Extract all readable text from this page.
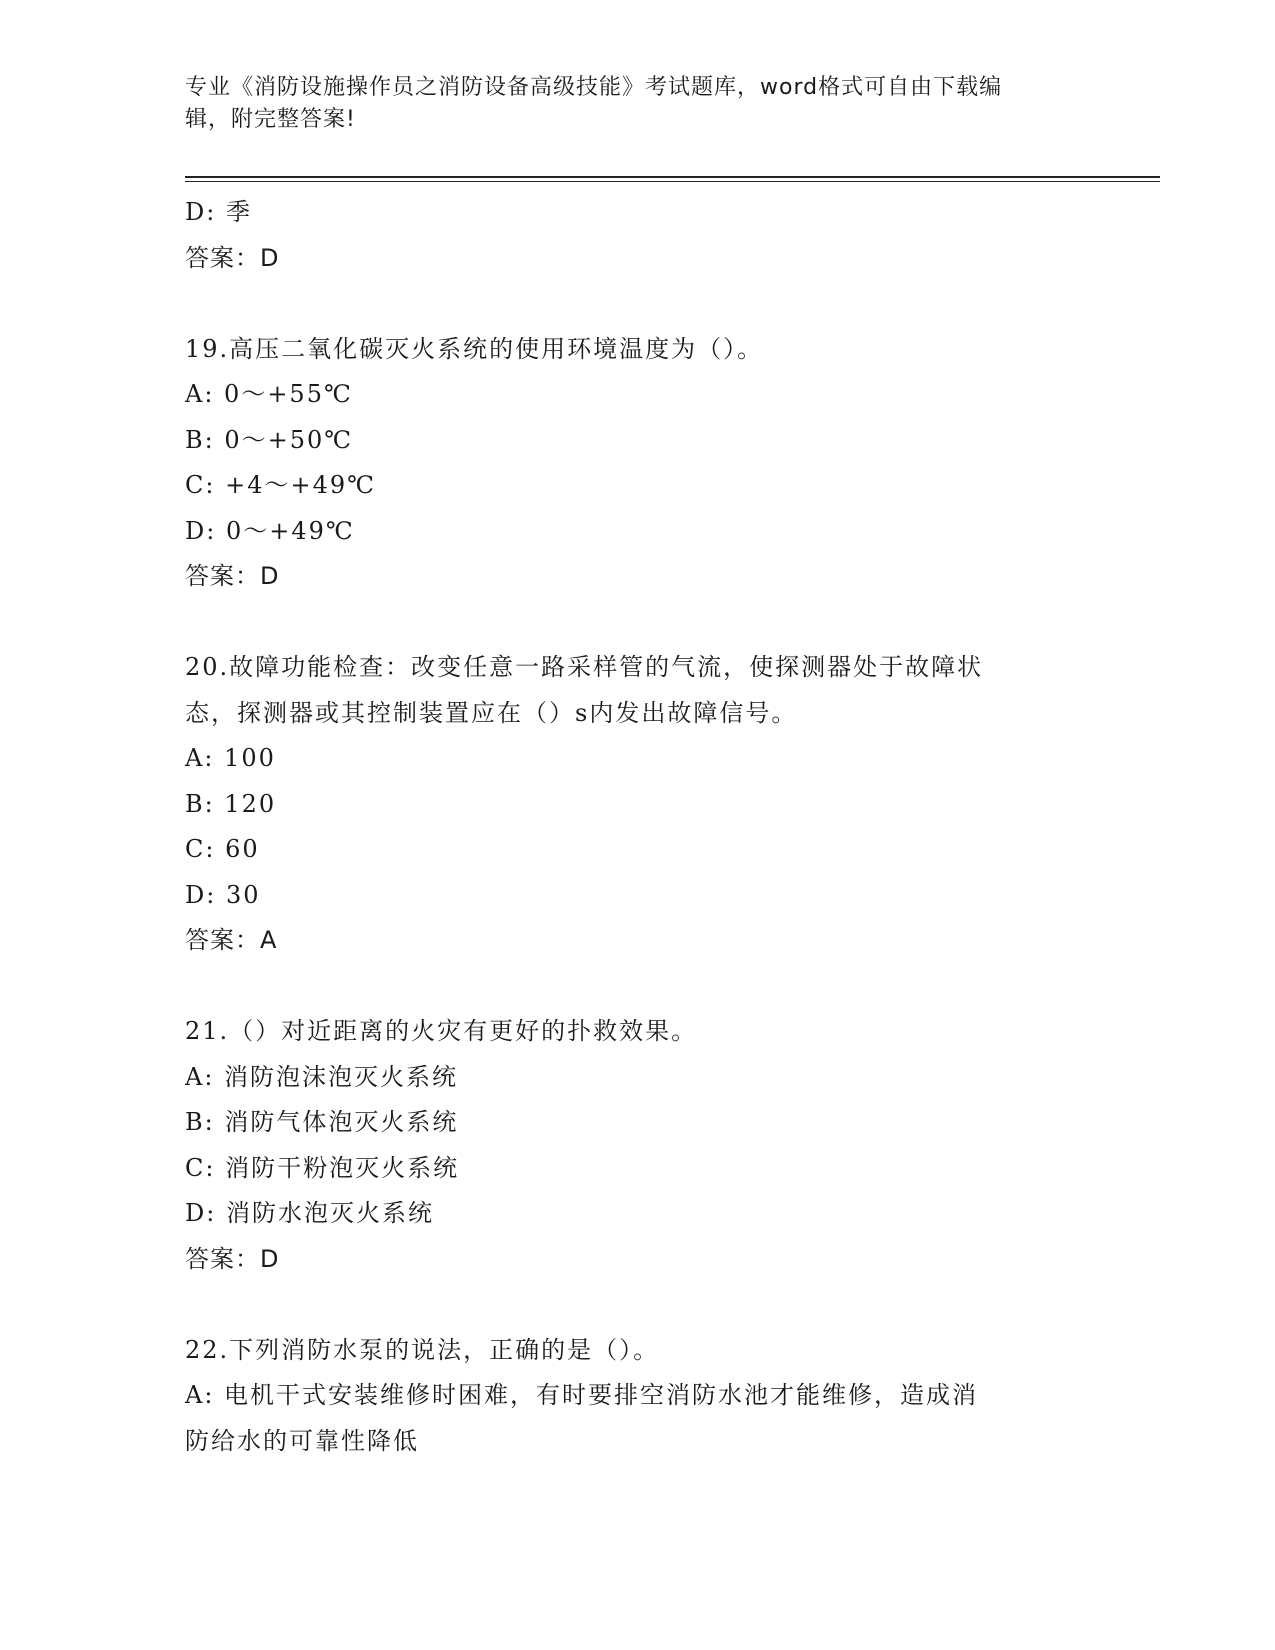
专业《消防设施操作员之消防设备高级技能》考试题库，word格式可自由下载编
辑，附完整答案!
D: 季
答案：D
19.高压二氧化碳灭火系统的使用环境温度为（）。
A: 0～+55℃
B: 0～+50℃
C: +4～+49℃
D: 0～+49℃
答案：D
20.故障功能检查：改变任意一路采样管的气流，使探测器处于故障状
态，探测器或其控制装置应在（）s内发出故障信号。
A: 100
B: 120
C: 60
D: 30
答案：A
21.（）对近距离的火灾有更好的扑救效果。
A: 消防泡沫泡灭火系统
B: 消防气体泡灭火系统
C: 消防干粉泡灭火系统
D: 消防水泡灭火系统
答案：D
22.下列消防水泵的说法，正确的是（）。
A: 电机干式安装维修时困难，有时要排空消防水池才能维修，造成消
防给水的可靠性降低
